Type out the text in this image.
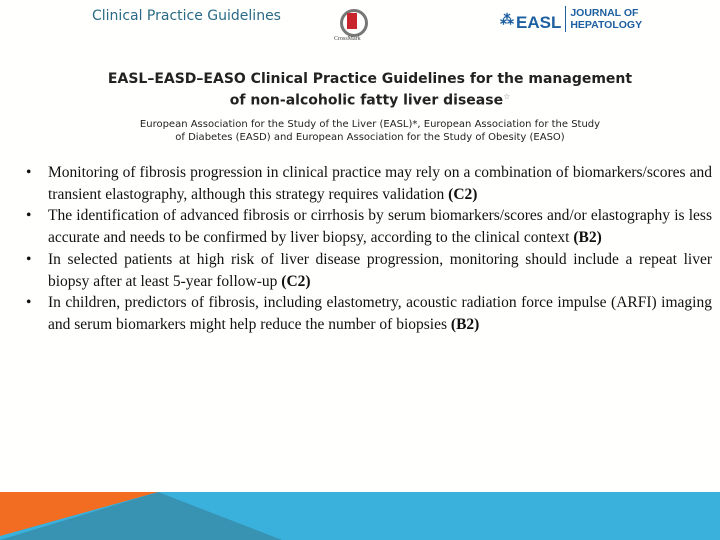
Clinical Practice Guidelines
CrossMark
⁂ EASL JOURNAL OF
HEPATOLOGY
EASL–EASD–EASO Clinical Practice Guidelines for the management
of non-alcoholic fatty liver disease☆
European Association for the Study of the Liver (EASL)*, European Association for the Study
of Diabetes (EASD) and European Association for the Study of Obesity (EASO)
• Monitoring of fibrosis progression in clinical practice may rely on a combination of biomarkers/scores and transient elastography, although this strategy requires validation (C2)
• The identification of advanced fibrosis or cirrhosis by serum biomarkers/scores and/or elastography is less accurate and needs to be confirmed by liver biopsy, according to the clinical context (B2)
• In selected patients at high risk of liver disease progression, monitoring should include a repeat liver biopsy after at least 5-year follow-up (C2)
• In children, predictors of fibrosis, including elastometry, acoustic radiation force impulse (ARFI) imaging and serum biomarkers might help reduce the number of biopsies (B2)
